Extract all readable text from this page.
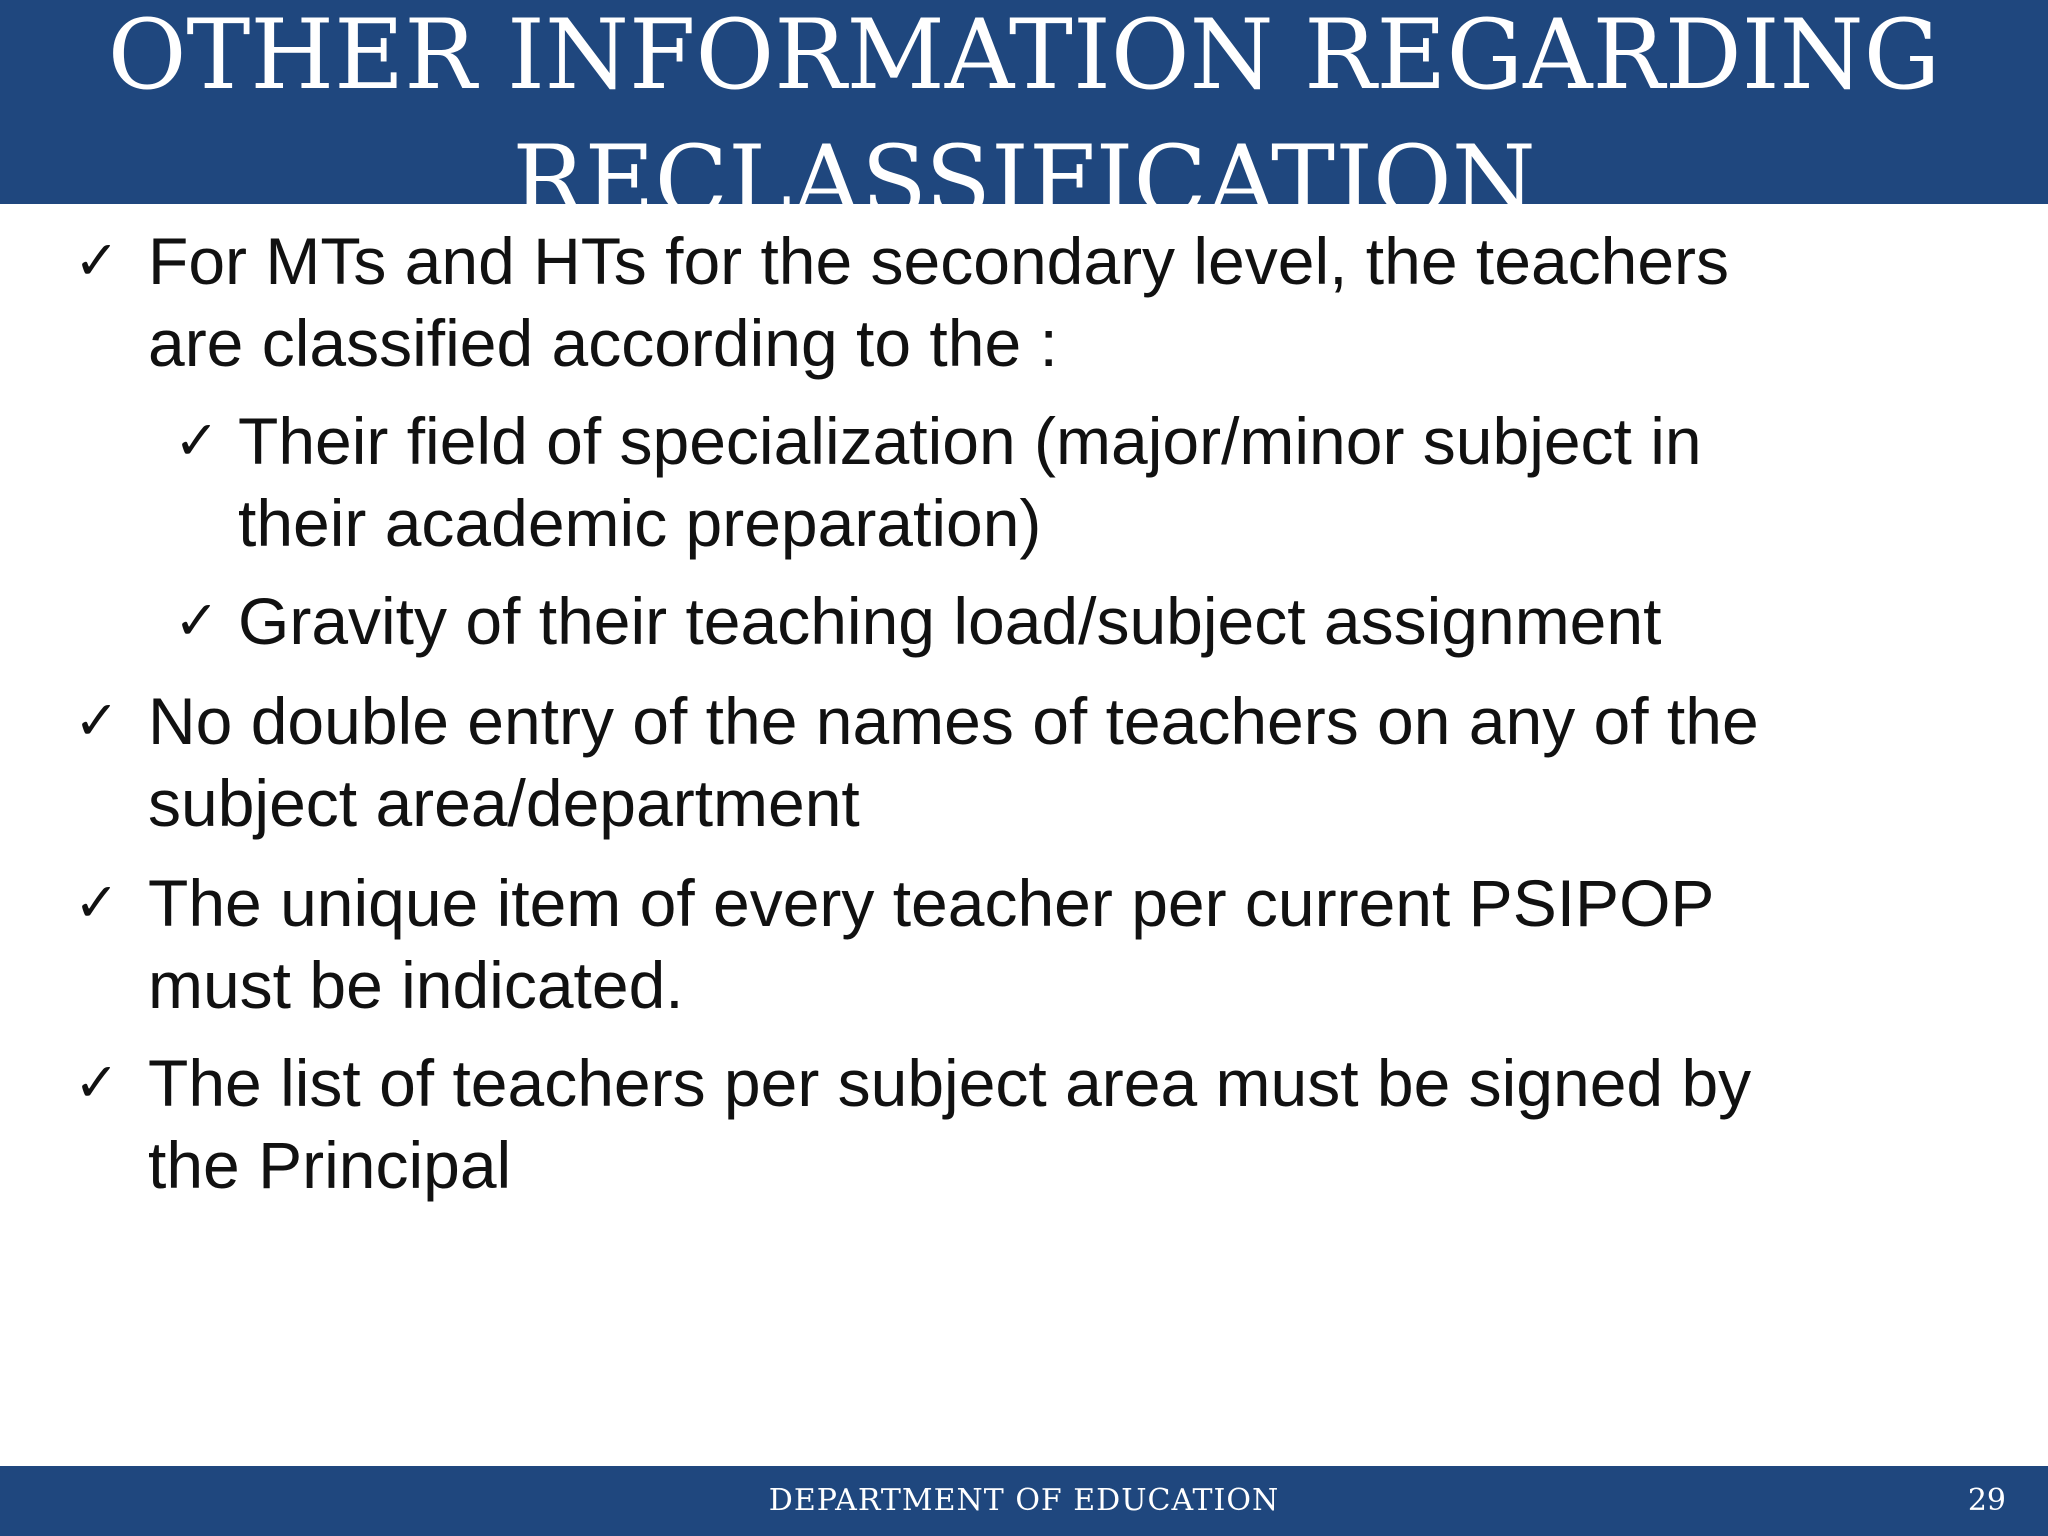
OTHER INFORMATION REGARDING
RECLASSIFICATION
✓ For MTs and HTs for the secondary level, the teachers
are classified according to the :
✓ Their field of specialization (major/minor subject in
their academic preparation)
✓ Gravity of their teaching load/subject assignment
✓ No double entry of the names of teachers on any of the
subject area/department
✓ The unique item of every teacher per current PSIPOP
must be indicated.
✓ The list of teachers per subject area must be signed by
the Principal
DEPARTMENT OF EDUCATION	29
